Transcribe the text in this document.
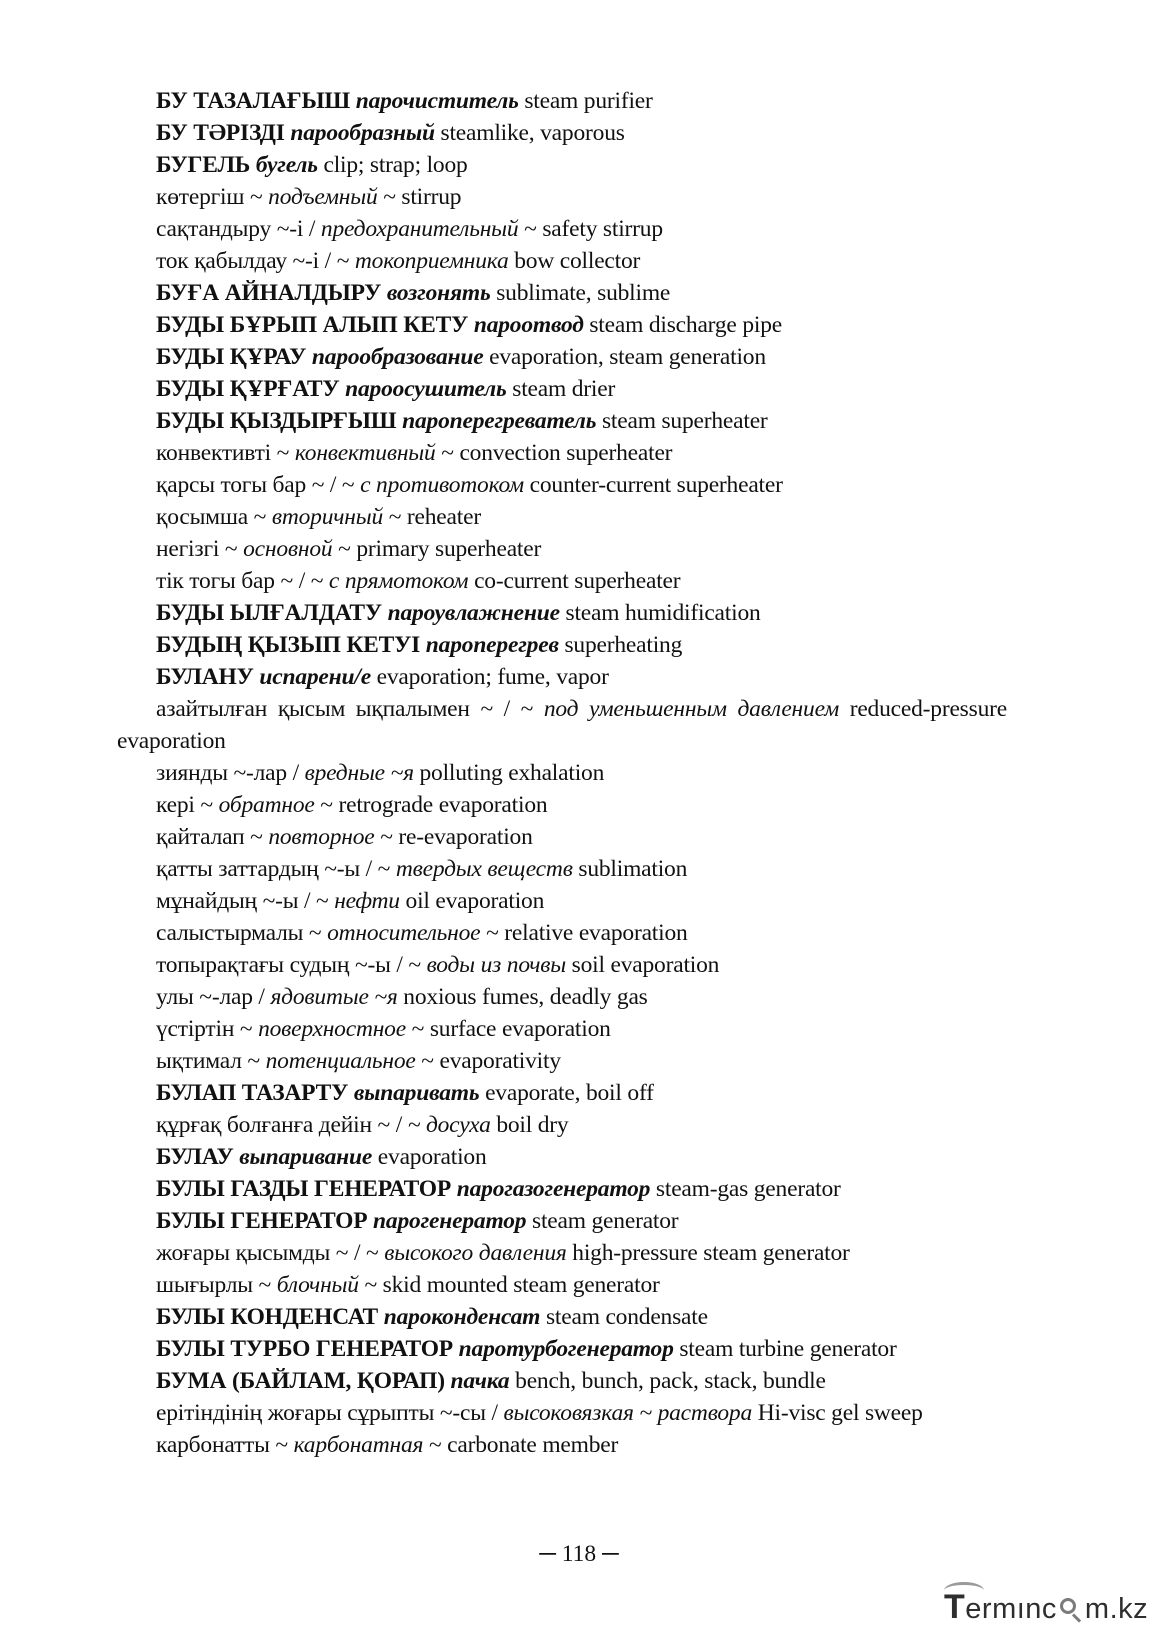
БУ ТАЗАЛАҒЫШ парочиститель steam purifier
БУ ТӘРІЗДІ парообразный steamlike, vaporous
БУГЕЛЬ бугель clip; strap; loop
көтергіш ~ подъемный ~ stirrup
сақтандыру ~-і / предохранительный ~ safety stirrup
ток қабылдау ~-і / ~ токоприемника bow collector
БУҒА АЙНАЛДЫРУ возгонять sublimate, sublime
БУДЫ БҰРЫП АЛЫП КЕТУ пароотвод steam discharge pipe
БУДЫ ҚҰРАУ парообразование evaporation, steam generation
БУДЫ ҚҰРҒАТУ пароосушитель steam drier
БУДЫ ҚЫЗДЫРҒЫШ пароперегреватель steam superheater
конвективті ~ конвективный ~ convection superheater
қарсы тогы бар ~ / ~ с противотоком counter-current superheater
қосымша ~ вторичный ~ reheater
негізгі ~ основной ~ primary superheater
тік тогы бар ~ / ~ с прямотоком co-current superheater
БУДЫ ЫЛҒАЛДАТУ пароувлажнение steam humidification
БУДЫҢ ҚЫЗЫП КЕТУІ пароперегрев superheating
БУЛАНУ испарени/е evaporation; fume, vapor
азайтылған қысым ықпалымен ~ / ~ под уменьшенным давлением reduced-pressure evaporation
зиянды ~-лар / вредные ~я polluting exhalation
кері ~ обратное ~ retrograde evaporation
қайталап ~ повторное ~ re-evaporation
қатты заттардың ~-ы / ~ твердых веществ sublimation
мұнайдың ~-ы / ~ нефти oil evaporation
салыстырмалы ~ относительное ~ relative evaporation
топырақтағы судың ~-ы / ~ воды из почвы soil evaporation
улы ~-лар / ядовитые ~я noxious fumes, deadly gas
үстіртін ~ поверхностное ~ surface evaporation
ықтимал ~ потенциальное ~ evaporativity
БУЛАП ТАЗАРТУ выпаривать evaporate, boil off
құрғақ болғанға дейін ~ / ~ досуха boil dry
БУЛАУ выпаривание evaporation
БУЛЫ ГАЗДЫ ГЕНЕРАТОР парогазогенератор steam-gas generator
БУЛЫ ГЕНЕРАТОР парогенератор steam generator
жоғары қысымды ~ / ~ высокого давления high-pressure steam generator
шығырлы ~ блочный ~ skid mounted steam generator
БУЛЫ КОНДЕНСАТ пароконденсат steam condensate
БУЛЫ ТУРБО ГЕНЕРАТОР паротурбогенератор steam turbine generator
БУМА (БАЙЛАМ, ҚОРАП) пачка bench, bunch, pack, stack, bundle
ерітіндінің жоғары сұрыпты ~-сы / высоковязкая ~ раствора Hi-visc gel sweep
карбонатты ~ карбонатная ~ carbonate member
─ 118 ─
Termınc m.kz
